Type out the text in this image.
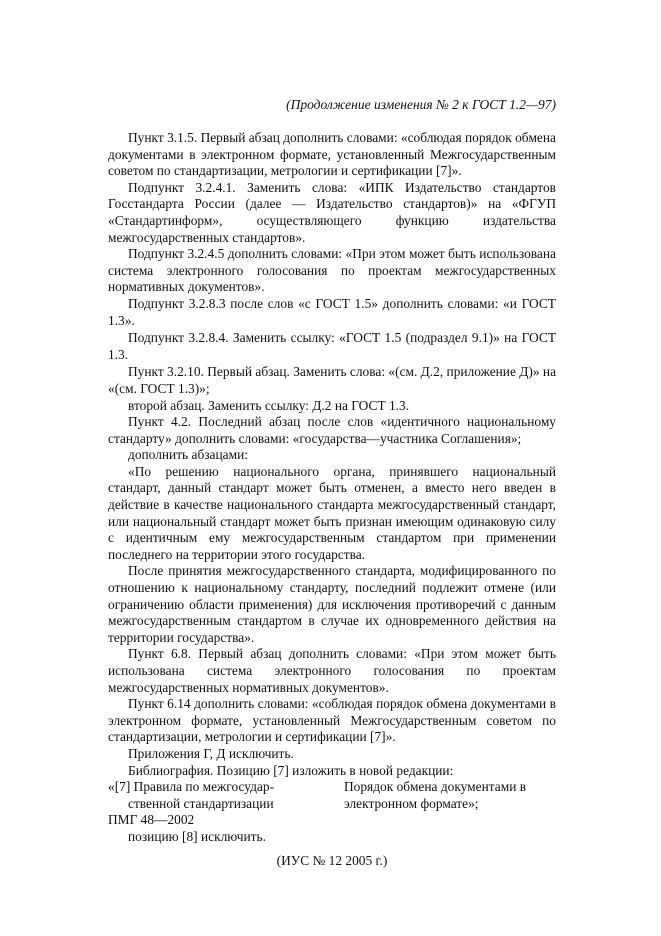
(Продолжение изменения № 2 к ГОСТ 1.2—97)

Пункт 3.1.5. Первый абзац дополнить словами: «соблюдая порядок обмена документами в электронном формате, установленный Межгосударственным советом по стандартизации, метрологии и сертификации [7]».

Подпункт 3.2.4.1. Заменить слова: «ИПК Издательство стандартов Госстандарта России (далее — Издательство стандартов)» на «ФГУП «Стандартинформ», осуществляющего функцию издательства межгосударственных стандартов».

Подпункт 3.2.4.5 дополнить словами: «При этом может быть использована система электронного голосования по проектам межгосударственных нормативных документов».

Подпункт 3.2.8.3 после слов «с ГОСТ 1.5» дополнить словами: «и ГОСТ 1.3».

Подпункт 3.2.8.4. Заменить ссылку: «ГОСТ 1.5 (подраздел 9.1)» на ГОСТ 1.3.

Пункт 3.2.10. Первый абзац. Заменить слова: «(см. Д.2, приложение Д)» на «(см. ГОСТ 1.3)»;

второй абзац. Заменить ссылку: Д.2 на ГОСТ 1.3.

Пункт 4.2. Последний абзац после слов «идентичного национальному стандарту» дополнить словами: «государства—участника Соглашения»;

дополнить абзацами:

«По решению национального органа, принявшего национальный стандарт, данный стандарт может быть отменен, а вместо него введен в действие в качестве национального стандарта межгосударственный стандарт, или национальный стандарт может быть признан имеющим одинаковую силу с идентичным ему межгосударственным стандартом при применении последнего на территории этого государства.

После принятия межгосударственного стандарта, модифицированного по отношению к национальному стандарту, последний подлежит отмене (или ограничению области применения) для исключения противоречий с данным межгосударственным стандартом в случае их одновременного действия на территории государства».

Пункт 6.8. Первый абзац дополнить словами: «При этом может быть использована система электронного голосования по проектам межгосударственных нормативных документов».

Пункт 6.14 дополнить словами: «соблюдая порядок обмена документами в электронном формате, установленный Межгосударственным советом по стандартизации, метрологии и сертификации [7]».

Приложения Г, Д исключить.

Библиография. Позицию [7] изложить в новой редакции:

«[7] Правила по межгосудар-
ственной стандартизации
ПМГ 48—2002
Порядок обмена документами в
электронном формате»;

позицию [8] исключить.

(ИУС № 12 2005 г.)
